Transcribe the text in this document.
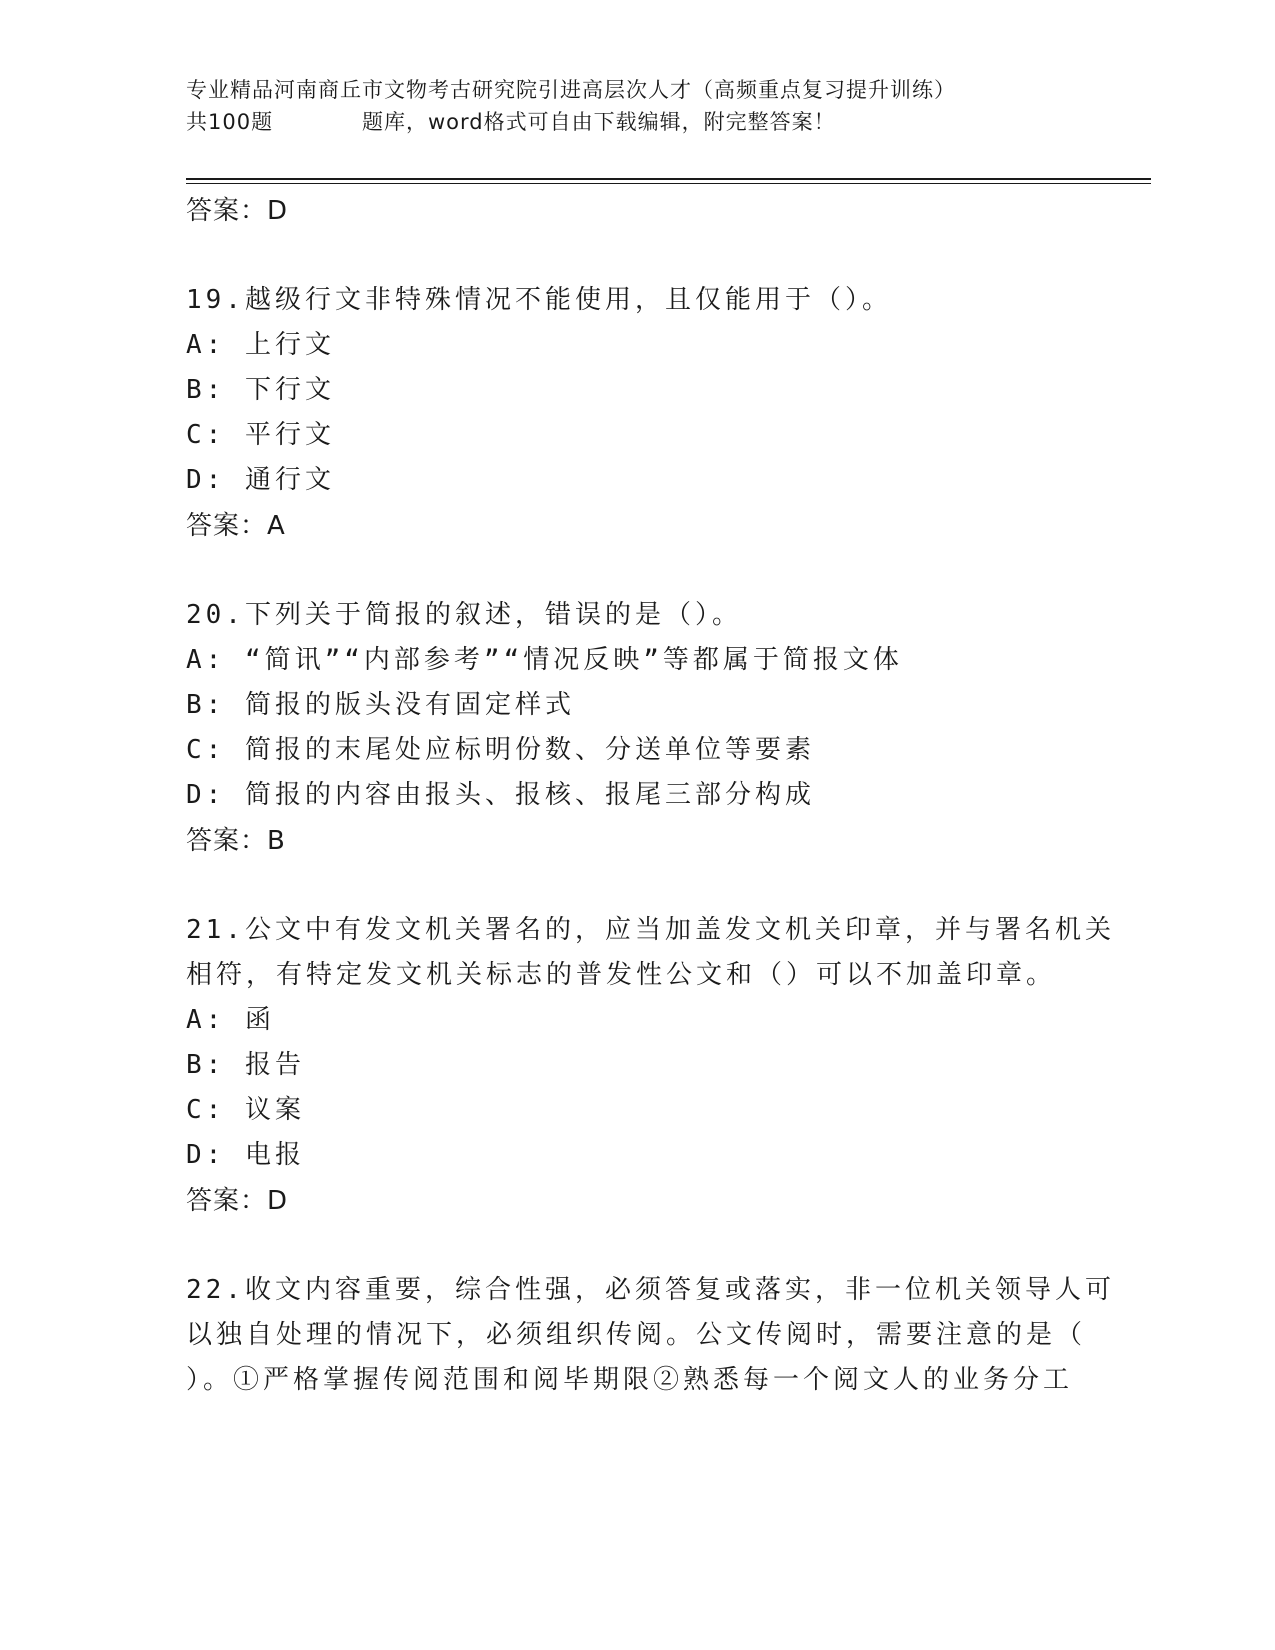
专业精品河南商丘市文物考古研究院引进高层次人才（高频重点复习提升训练）
共100题	题库，word格式可自由下载编辑，附完整答案！
答案：D
19.越级行文非特殊情况不能使用，且仅能用于（）。
A: 上行文
B: 下行文
C: 平行文
D: 通行文
答案：A
20.下列关于简报的叙述，错误的是（）。
A: “简讯”“内部参考”“情况反映”等都属于简报文体
B: 简报的版头没有固定样式
C: 简报的末尾处应标明份数、分送单位等要素
D: 简报的内容由报头、报核、报尾三部分构成
答案：B
21.公文中有发文机关署名的，应当加盖发文机关印章，并与署名机关
相符，有特定发文机关标志的普发性公文和（）可以不加盖印章。
A: 函
B: 报告
C: 议案
D: 电报
答案：D
22.收文内容重要，综合性强，必须答复或落实，非一位机关领导人可
以独自处理的情况下，必须组织传阅。公文传阅时，需要注意的是（
）。①严格掌握传阅范围和阅毕期限②熟悉每一个阅文人的业务分工
